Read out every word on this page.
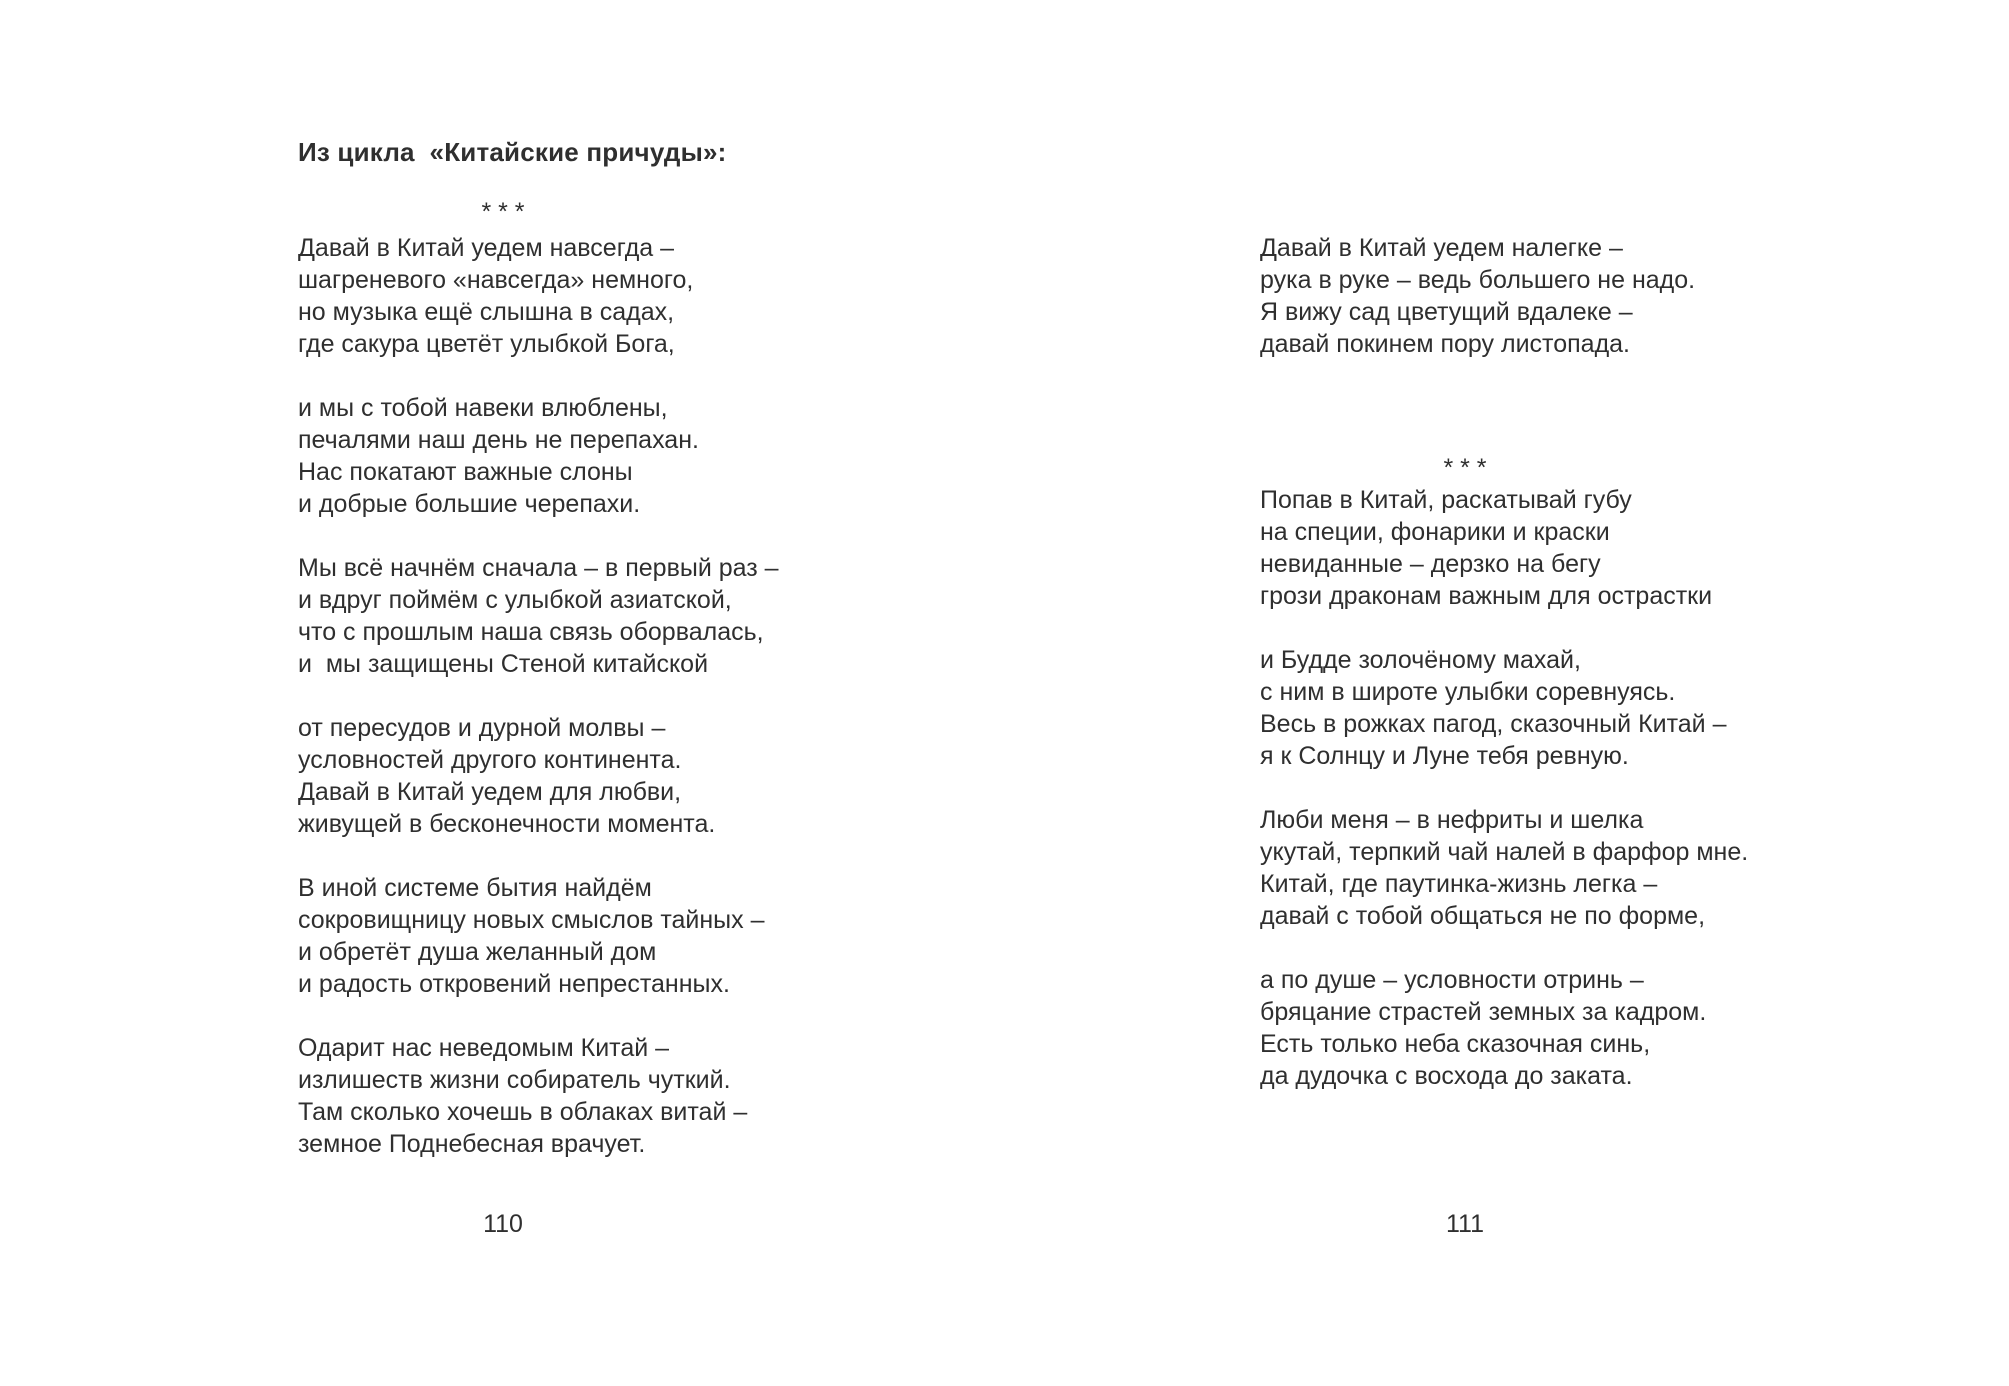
Из цикла  «Китайские причуды»:
* * *
Давай в Китай уедем навсегда –
шагреневого «навсегда» немного,
но музыка ещё слышна в садах,
где сакура цветёт улыбкой Бога,
и мы с тобой навеки влюблены,
печалями наш день не перепахан.
Нас покатают важные слоны
и добрые большие черепахи.
Мы всё начнём сначала – в первый раз –
и вдруг поймём с улыбкой азиатской,
что с прошлым наша связь оборвалась,
и  мы защищены Стеной китайской
от пересудов и дурной молвы –
условностей другого континента.
Давай в Китай уедем для любви,
живущей в бесконечности момента.
В иной системе бытия найдём
сокровищницу новых смыслов тайных –
и обретёт душа желанный дом
и радость откровений непрестанных.
Одарит нас неведомым Китай –
излишеств жизни собиратель чуткий.
Там сколько хочешь в облаках витай –
земное Поднебесная врачует.
110
Давай в Китай уедем налегке –
рука в руке – ведь большего не надо.
Я вижу сад цветущий вдалеке –
давай покинем пору листопада.
* * *
Попав в Китай, раскатывай губу
на специи, фонарики и краски
невиданные – дерзко на бегу
грози драконам важным для острастки
и Будде золочёному махай,
с ним в широте улыбки соревнуясь.
Весь в рожках пагод, сказочный Китай –
я к Солнцу и Луне тебя ревную.
Люби меня – в нефриты и шелка
укутай, терпкий чай налей в фарфор мне.
Китай, где паутинка-жизнь легка –
давай с тобой общаться не по форме,
а по душе – условности отринь –
бряцание страстей земных за кадром.
Есть только неба сказочная синь,
да дудочка с восхода до заката.
111
